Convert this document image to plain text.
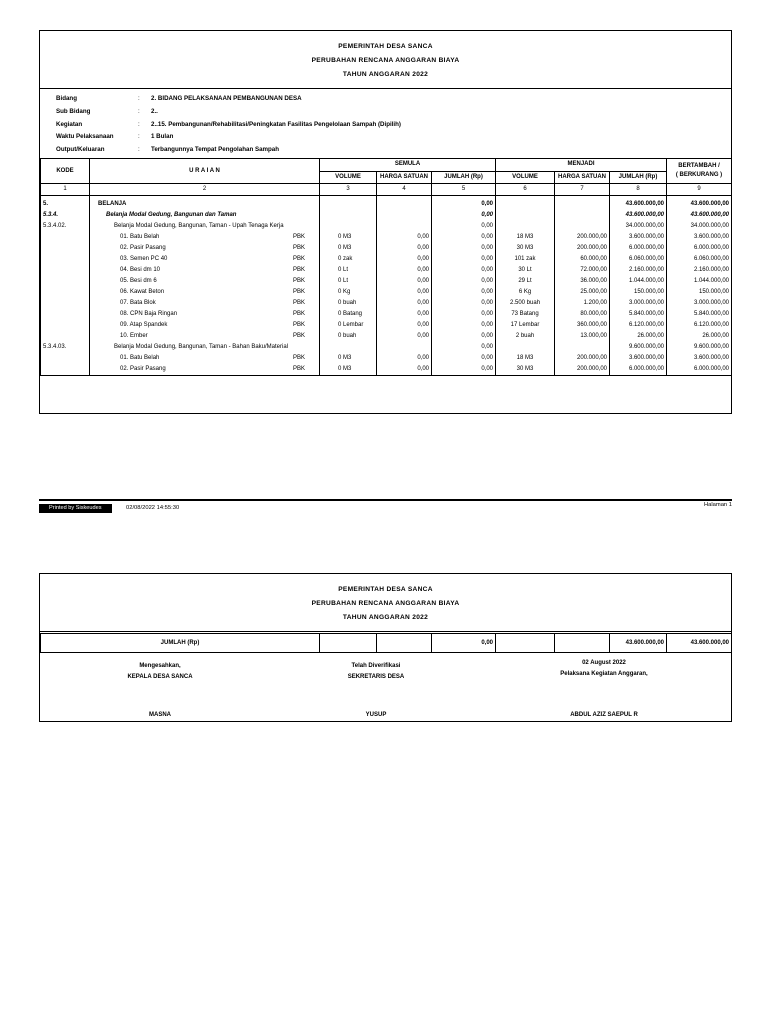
PEMERINTAH DESA SANCA
PERUBAHAN RENCANA ANGGARAN BIAYA
TAHUN ANGGARAN 2022
Bidang	: 2. BIDANG PELAKSANAAN PEMBANGUNAN DESA
Sub Bidang	: 2..
Kegiatan	: 2..15. Pembangunan/Rehabilitasi/Peningkatan Fasilitas Pengelolaan Sampah (Dipilih)
Waktu Pelaksanaan	: 1 Bulan
Output/Keluaran	: Terbangunnya Tempat Pengolahan Sampah
KODE	U R A I A N	SEMULA			MENJADI			BERTAMBAH /
( BERKURANG )
		VOLUME	HARGA SATUAN	JUMLAH (Rp)	VOLUME	HARGA SATUAN	JUMLAH (Rp)	
1	2	3	4	5	6	7	8	9
5.	BELANJA			0,00			43.600.000,00	43.600.000,00
5.3.4.	Belanja Modal Gedung, Bangunan dan Taman			0,00			43.600.000,00	43.600.000,00
5.3.4.02.	Belanja Modal Gedung, Bangunan, Taman - Upah Tenaga Kerja			0,00			34.000.000,00	34.000.000,00
	01. Batu Belah PBK	0 M3	0,00	0,00	18 M3	200.000,00	3.600.000,00	3.600.000,00
	02. Pasir Pasang PBK	0 M3	0,00	0,00	30 M3	200.000,00	6.000.000,00	6.000.000,00
	03. Semen PC 40 PBK	0 zak	0,00	0,00	101 zak	60.000,00	6.060.000,00	6.060.000,00
	04. Besi dm 10 PBK	0 Lt	0,00	0,00	30 Lt	72.000,00	2.160.000,00	2.160.000,00
	05. Besi dm 6 PBK	0 Lt	0,00	0,00	29 Lt	36.000,00	1.044.000,00	1.044.000,00
	06. Kawat Beton PBK	0 Kg	0,00	0,00	6 Kg	25.000,00	150.000,00	150.000,00
	07. Bata Blok PBK	0 buah	0,00	0,00	2.500 buah	1.200,00	3.000.000,00	3.000.000,00
	08. CPN Baja Ringan PBK	0 Batang	0,00	0,00	73 Batang	80.000,00	5.840.000,00	5.840.000,00
	09. Atap Spandek PBK	0 Lembar	0,00	0,00	17 Lembar	360.000,00	6.120.000,00	6.120.000,00
	10. Ember PBK	0 buah	0,00	0,00	2 buah	13.000,00	26.000,00	26.000,00
5.3.4.03.	Belanja Modal Gedung, Bangunan, Taman - Bahan Baku/Material			0,00			9.600.000,00	9.600.000,00
	01. Batu Belah PBK	0 M3	0,00	0,00	18 M3	200.000,00	3.600.000,00	3.600.000,00
	02. Pasir Pasang PBK	0 M3	0,00	0,00	30 M3	200.000,00	6.000.000,00	6.000.000,00
Printed by Siskeudes	02/08/2022 14:55:30	Halaman 1
PEMERINTAH DESA SANCA
PERUBAHAN RENCANA ANGGARAN BIAYA
TAHUN ANGGARAN 2022
JUMLAH (Rp)			0,00			43.600.000,00	43.600.000,00
Mengesahkan,
KEPALA DESA SANCA
MASNA
Telah Diverifikasi
SEKRETARIS DESA
YUSUP
02 August 2022
Pelaksana Kegiatan Anggaran,
ABDUL AZIZ SAEPUL R
